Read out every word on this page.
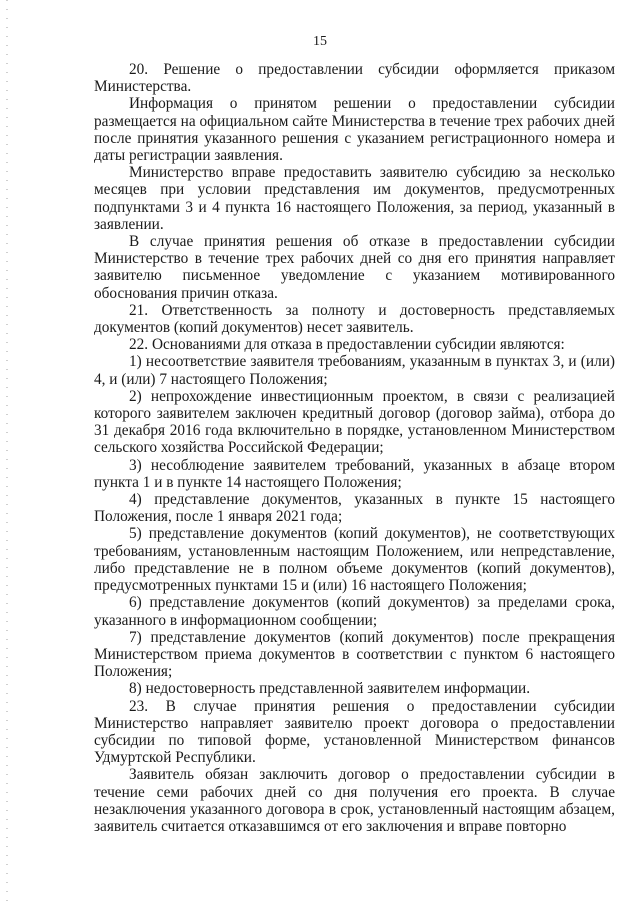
15

20. Решение о предоставлении субсидии оформляется приказом Министерства.

Информация о принятом решении о предоставлении субсидии размещается на официальном сайте Министерства в течение трех рабочих дней после принятия указанного решения с указанием регистрационного номера и даты регистрации заявления.

Министерство вправе предоставить заявителю субсидию за несколько месяцев при условии представления им документов, предусмотренных подпунктами 3 и 4 пункта 16 настоящего Положения, за период, указанный в заявлении.

В случае принятия решения об отказе в предоставлении субсидии Министерство в течение трех рабочих дней со дня его принятия направляет заявителю письменное уведомление с указанием мотивированного обоснования причин отказа.

21. Ответственность за полноту и достоверность представляемых документов (копий документов) несет заявитель.

22. Основаниями для отказа в предоставлении субсидии являются:

1) несоответствие заявителя требованиям, указанным в пунктах 3, и (или) 4, и (или) 7 настоящего Положения;

2) непрохождение инвестиционным проектом, в связи с реализацией которого заявителем заключен кредитный договор (договор займа), отбора до 31 декабря 2016 года включительно в порядке, установленном Министерством сельского хозяйства Российской Федерации;

3) несоблюдение заявителем требований, указанных в абзаце втором пункта 1 и в пункте 14 настоящего Положения;

4) представление документов, указанных в пункте 15 настоящего Положения, после 1 января 2021 года;

5) представление документов (копий документов), не соответствующих требованиям, установленным настоящим Положением, или непредставление, либо представление не в полном объеме документов (копий документов), предусмотренных пунктами 15 и (или) 16 настоящего Положения;

6) представление документов (копий документов) за пределами срока, указанного в информационном сообщении;

7) представление документов (копий документов) после прекращения Министерством приема документов в соответствии с пунктом 6 настоящего Положения;

8) недостоверность представленной заявителем информации.

23. В случае принятия решения о предоставлении субсидии Министерство направляет заявителю проект договора о предоставлении субсидии по типовой форме, установленной Министерством финансов Удмуртской Республики.

Заявитель обязан заключить договор о предоставлении субсидии в течение семи рабочих дней со дня получения его проекта. В случае незаключения указанного договора в срок, установленный настоящим абзацем, заявитель считается отказавшимся от его заключения и вправе повторно
